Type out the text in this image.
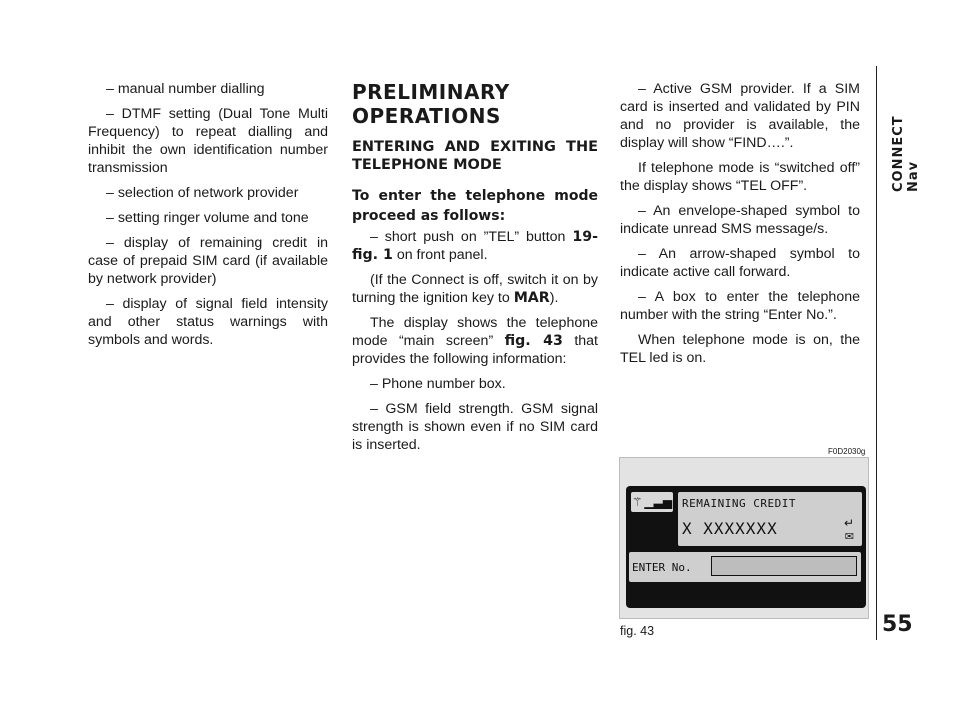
– manual number dialling

– DTMF setting (Dual Tone Multi Frequency) to repeat dialling and inhibit the own identification number transmission

– selection of network provider

– setting ringer volume and tone

– display of remaining credit in case of prepaid SIM card (if available by network provider)

– display of signal field intensity and other status warnings with symbols and words.

PRELIMINARY
OPERATIONS
ENTERING AND EXITING THE TELEPHONE MODE
To enter the telephone mode proceed as follows:

– short push on ”TEL” button 19-fig. 1 on front panel.

(If the Connect is off, switch it on by turning the ignition key to MAR).

The display shows the telephone mode “main screen” fig. 43 that provides the following information:

– Phone number box.

– GSM field strength. GSM signal strength is shown even if no SIM card is inserted.

– Active GSM provider. If a SIM card is inserted and validated by PIN and no provider is available, the display will show “FIND….”.

If telephone mode is “switched off” the display shows “TEL OFF”.

– An envelope-shaped symbol to indicate unread SMS message/s.

– An arrow-shaped symbol to indicate active call forward.

– A box to enter the telephone number with the string “Enter No.”.

When telephone mode is on, the TEL led is on.

CONNECT Nav
55
F0D2030g
⚚ ▁▃▅ REMAINING CREDIT
X XXXXXXX	↵
✉
ENTER No.
fig. 43
